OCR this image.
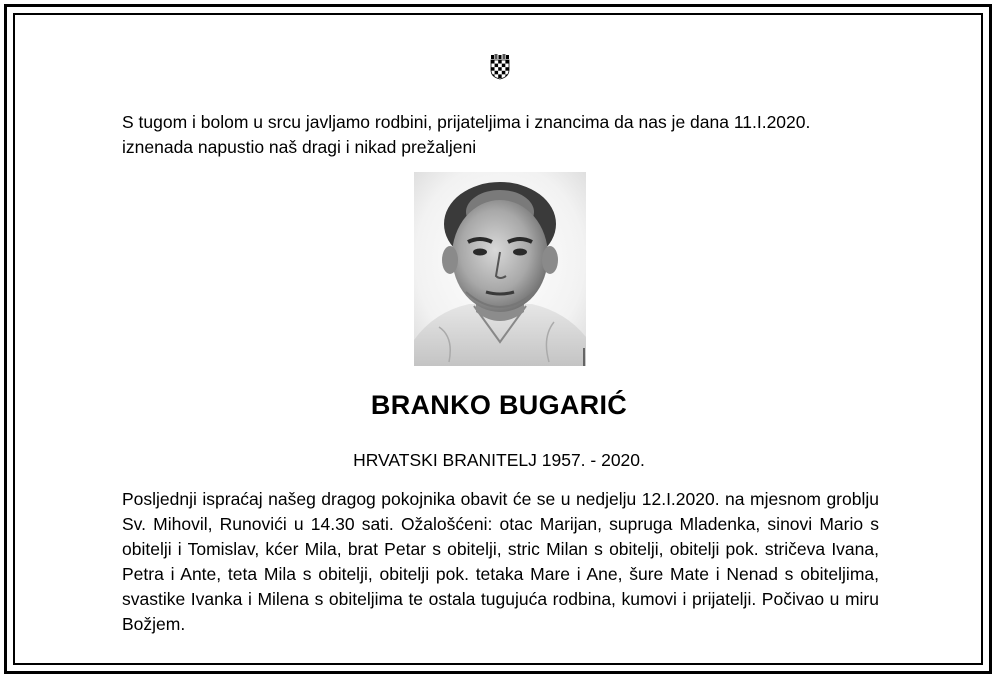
S tugom i bolom u srcu javljamo rodbini, prijateljima i znancima da nas je dana 11.I.2020.
iznenada napustio naš dragi i nikad prežaljeni

BRANKO BUGARIĆ

HRVATSKI BRANITELJ 1957. - 2020.

Posljednji ispraćaj našeg dragog pokojnika obavit će se u nedjelju 12.I.2020. na mjesnom groblju Sv. Mihovil, Runovići u 14.30 sati. Ožalošćeni: otac Marijan, supruga Mladenka, sinovi Mario s obitelji i Tomislav, kćer Mila, brat Petar s obitelji, stric Milan s obitelji, obitelji pok. stričeva Ivana, Petra i Ante, teta Mila s obitelji, obitelji pok. tetaka Mare i Ane, šure Mate i Nenad s obiteljima, svastike Ivanka i Milena s obiteljima te ostala tugujuća rodbina, kumovi i prijatelji. Počivao u miru Božjem.
